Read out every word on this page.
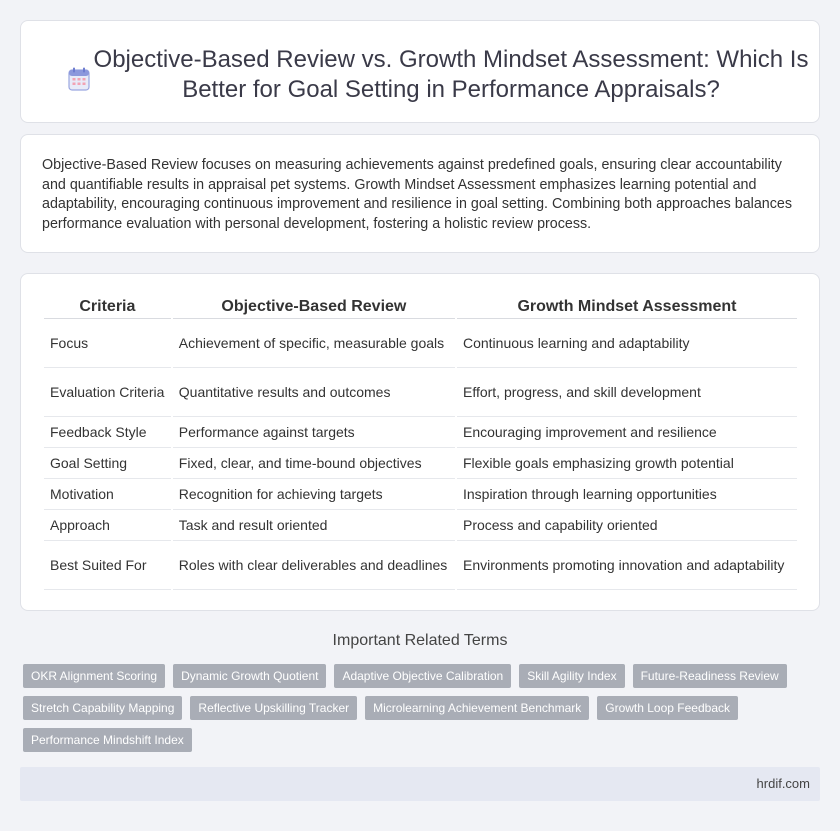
Objective-Based Review vs. Growth Mindset Assessment: Which Is
Better for Goal Setting in Performance Appraisals?

Objective-Based Review focuses on measuring achievements against predefined goals, ensuring clear accountability and quantifiable results in appraisal pet systems. Growth Mindset Assessment emphasizes learning potential and adaptability, encouraging continuous improvement and resilience in goal setting. Combining both approaches balances performance evaluation with personal development, fostering a holistic review process.

Criteria	Objective-Based Review	Growth Mindset Assessment
Focus	Achievement of specific, measurable goals	Continuous learning and adaptability
Evaluation Criteria	Quantitative results and outcomes	Effort, progress, and skill development
Feedback Style	Performance against targets	Encouraging improvement and resilience
Goal Setting	Fixed, clear, and time-bound objectives	Flexible goals emphasizing growth potential
Motivation	Recognition for achieving targets	Inspiration through learning opportunities
Approach	Task and result oriented	Process and capability oriented
Best Suited For	Roles with clear deliverables and deadlines	Environments promoting innovation and adaptability
Important Related Terms
OKR Alignment Scoring	Dynamic Growth Quotient	Adaptive Objective Calibration	Skill Agility Index	Future-Readiness Review
Stretch Capability Mapping	Reflective Upskilling Tracker	Microlearning Achievement Benchmark	Growth Loop Feedback
Performance Mindshift Index
hrdif.com
